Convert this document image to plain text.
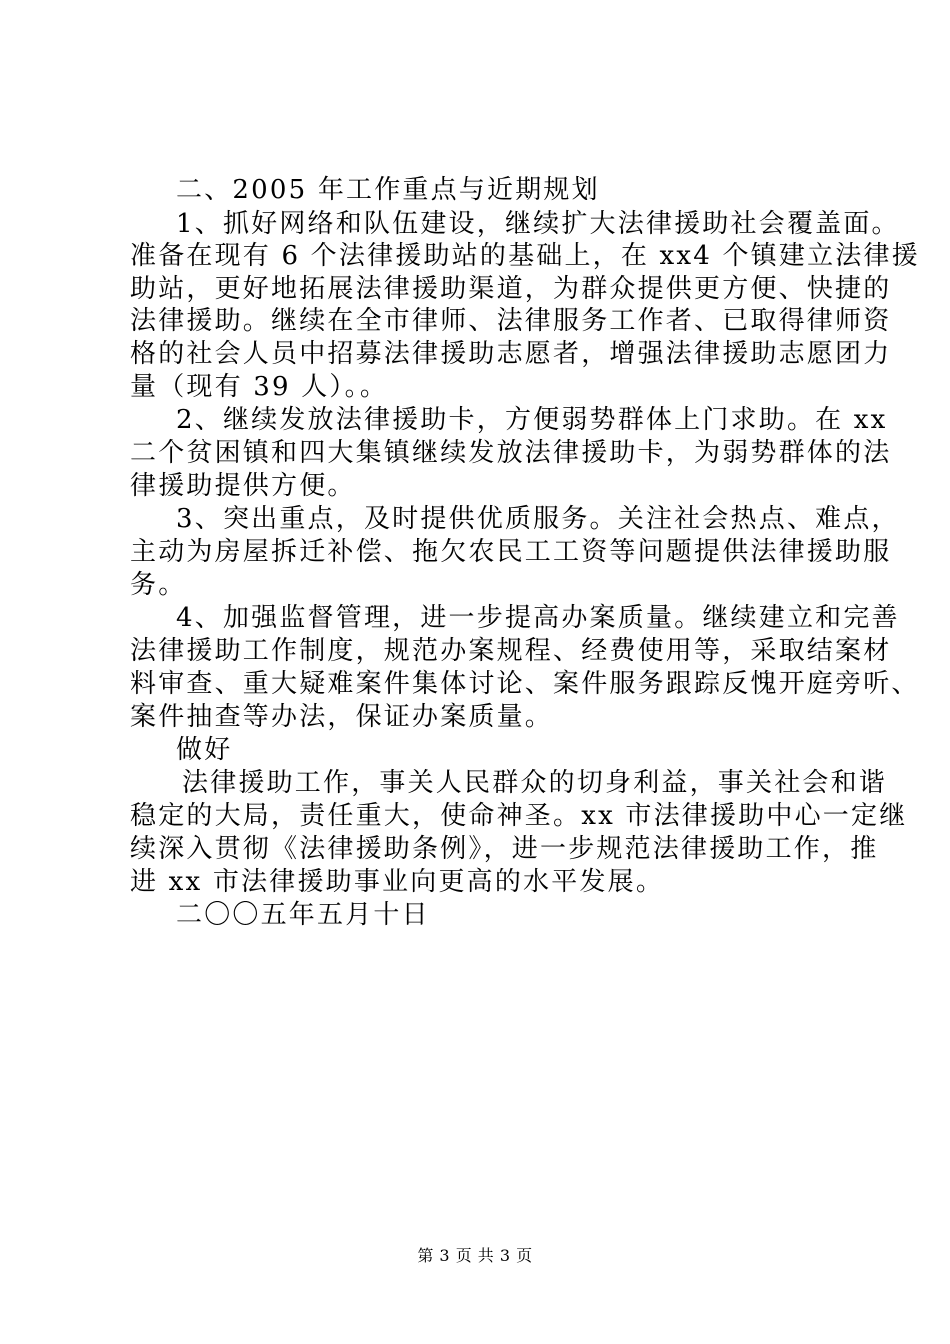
二、2005 年工作重点与近期规划
1、抓好网络和队伍建设，继续扩大法律援助社会覆盖面。
准备在现有 6 个法律援助站的基础上，在 xx4 个镇建立法律援
助站，更好地拓展法律援助渠道，为群众提供更方便、快捷的
法律援助。继续在全市律师、法律服务工作者、已取得律师资
格的社会人员中招募法律援助志愿者，增强法律援助志愿团力
量（现有 39 人）。。
2、继续发放法律援助卡，方便弱势群体上门求助。在 xx
二个贫困镇和四大集镇继续发放法律援助卡，为弱势群体的法
律援助提供方便。
3、突出重点，及时提供优质服务。关注社会热点、难点，
主动为房屋拆迁补偿、拖欠农民工工资等问题提供法律援助服
务。
4、加强监督管理，进一步提高办案质量。继续建立和完善
法律援助工作制度，规范办案规程、经费使用等，采取结案材
料审查、重大疑难案件集体讨论、案件服务跟踪反愧开庭旁听、
案件抽查等办法，保证办案质量。
做好
法律援助工作，事关人民群众的切身利益，事关社会和谐
稳定的大局，责任重大，使命神圣。xx 市法律援助中心一定继
续深入贯彻《法律援助条例》，进一步规范法律援助工作，推
进 xx 市法律援助事业向更高的水平发展。
二〇〇五年五月十日
第 3 页 共 3 页
